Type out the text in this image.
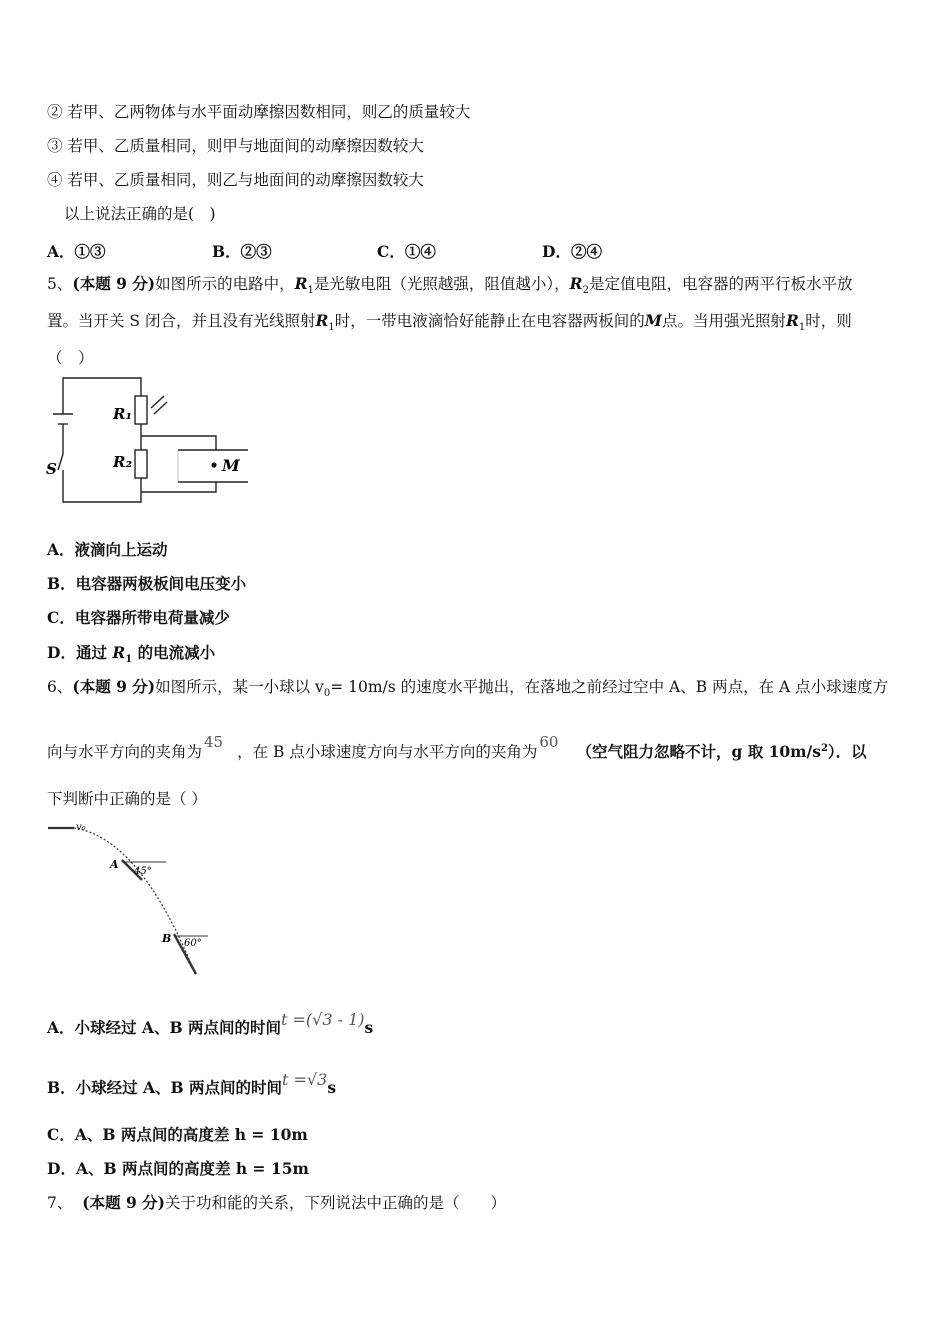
② 若甲、乙两物体与水平面动摩擦因数相同，则乙的质量较大
③ 若甲、乙质量相同，则甲与地面间的动摩擦因数较大
④ 若甲、乙质量相同，则乙与地面间的动摩擦因数较大
以上说法正确的是(　)
A．①③	B．②③	C．①④	D．②④
5、(本题 9 分)如图所示的电路中，$R_1$是光敏电阻（光照越强，阻值越小），$R_2$是定值电阻，电容器的两平行板水平放
置。当开关 S 闭合，并且没有光线照射$R_1$时，一带电液滴恰好能静止在电容器两板间的M点。当用强光照射$R_1$时，则
（　）
R₁
R₂
S	M
A．液滴向上运动
B．电容器两极板间电压变小
C．电容器所带电荷量减少
D．通过 $R_1$ 的电流减小
6、(本题 9 分)如图所示，某一小球以 $v_0= 10m/s$ 的速度水平抛出，在落地之前经过空中 A、B 两点，在 A 点小球速度方
向与水平方向的夹角为45，在 B 点小球速度方向与水平方向的夹角为60 （空气阻力忽略不计，g 取 $10m/s^2$）．以
下判断中正确的是（ ）
v₀
A
45°
B 60°
A．小球经过 A、B 两点间的时间t =(√3 - 1)s
B．小球经过 A、B 两点间的时间t =√3s
C．A、B 两点间的高度差 h = 10m
D．A、B 两点间的高度差 h = 15m
7、 (本题 9 分)关于功和能的关系，下列说法中正确的是（　　）
